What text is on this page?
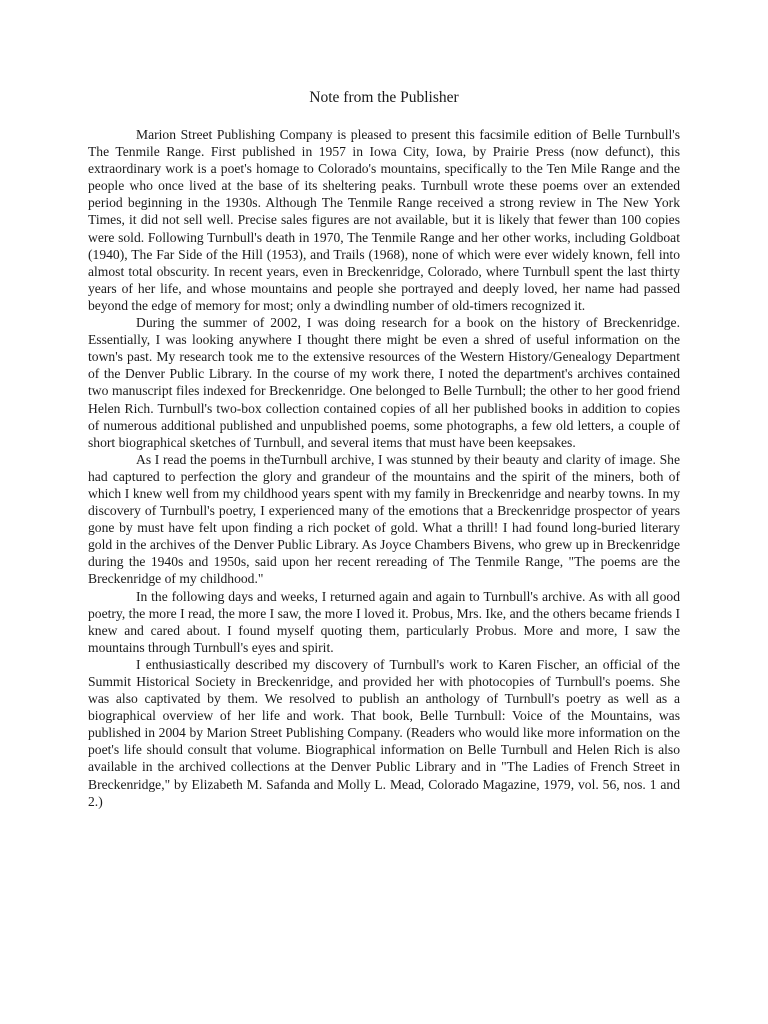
Note from the Publisher

Marion Street Publishing Company is pleased to present this facsimile edition of Belle Turnbull's The Tenmile Range. First published in 1957 in Iowa City, Iowa, by Prairie Press (now defunct), this extraordinary work is a poet's homage to Colorado's mountains, specifically to the Ten Mile Range and the people who once lived at the base of its sheltering peaks. Turnbull wrote these poems over an extended period beginning in the 1930s. Although The Tenmile Range received a strong review in The New York Times, it did not sell well. Precise sales figures are not available, but it is likely that fewer than 100 copies were sold. Following Turnbull's death in 1970, The Tenmile Range and her other works, including Goldboat (1940), The Far Side of the Hill (1953), and Trails (1968), none of which were ever widely known, fell into almost total obscurity. In recent years, even in Breckenridge, Colorado, where Turnbull spent the last thirty years of her life, and whose mountains and people she portrayed and deeply loved, her name had passed beyond the edge of memory for most; only a dwindling number of old-timers recognized it.

During the summer of 2002, I was doing research for a book on the history of Breckenridge. Essentially, I was looking anywhere I thought there might be even a shred of useful information on the town's past. My research took me to the extensive resources of the Western History/Genealogy Department of the Denver Public Library. In the course of my work there, I noted the department's archives contained two manuscript files indexed for Breckenridge. One belonged to Belle Turnbull; the other to her good friend Helen Rich. Turnbull's two-box collection contained copies of all her published books in addition to copies of numerous additional published and unpublished poems, some photographs, a few old letters, a couple of short biographical sketches of Turnbull, and several items that must have been keepsakes.

As I read the poems in theTurnbull archive, I was stunned by their beauty and clarity of image. She had captured to perfection the glory and grandeur of the mountains and the spirit of the miners, both of which I knew well from my childhood years spent with my family in Breckenridge and nearby towns. In my discovery of Turnbull's poetry, I experienced many of the emotions that a Breckenridge prospector of years gone by must have felt upon finding a rich pocket of gold. What a thrill! I had found long-buried literary gold in the archives of the Denver Public Library. As Joyce Chambers Bivens, who grew up in Breckenridge during the 1940s and 1950s, said upon her recent rereading of The Tenmile Range, "The poems are the Breckenridge of my childhood."

In the following days and weeks, I returned again and again to Turnbull's archive. As with all good poetry, the more I read, the more I saw, the more I loved it. Probus, Mrs. Ike, and the others became friends I knew and cared about. I found myself quoting them, particularly Probus. More and more, I saw the mountains through Turnbull's eyes and spirit.

I enthusiastically described my discovery of Turnbull's work to Karen Fischer, an official of the Summit Historical Society in Breckenridge, and provided her with photocopies of Turnbull's poems. She was also captivated by them. We resolved to publish an anthology of Turnbull's poetry as well as a biographical overview of her life and work. That book, Belle Turnbull: Voice of the Mountains, was published in 2004 by Marion Street Publishing Company. (Readers who would like more information on the poet's life should consult that volume. Biographical information on Belle Turnbull and Helen Rich is also available in the archived collections at the Denver Public Library and in "The Ladies of French Street in Breckenridge," by Elizabeth M. Safanda and Molly L. Mead, Colorado Magazine, 1979, vol. 56, nos. 1 and 2.)
